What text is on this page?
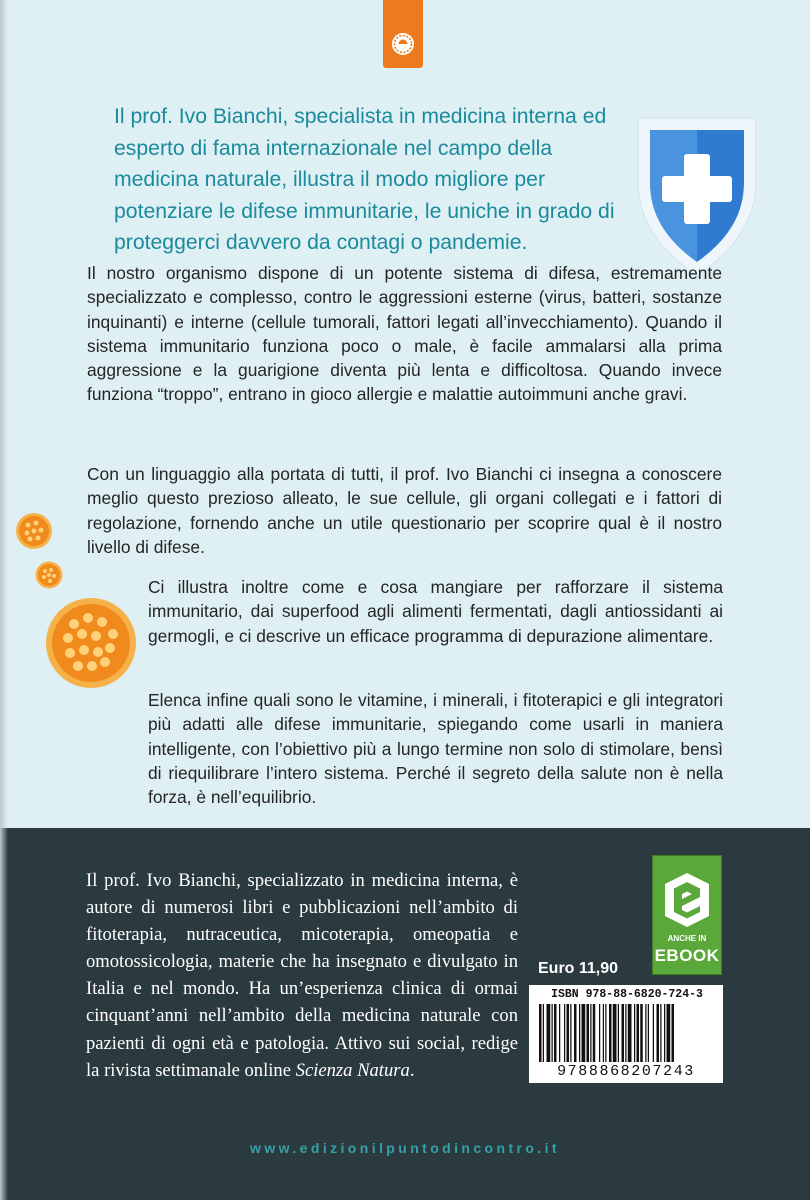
Il prof. Ivo Bianchi, specialista in medicina interna ed esperto di fama internazionale nel campo della medicina naturale, illustra il modo migliore per potenziare le difese immunitarie, le uniche in grado di proteggerci davvero da contagi o pandemie.

Il nostro organismo dispone di un potente sistema di difesa, estremamente specializzato e complesso, contro le aggressioni esterne (virus, batteri, sostanze inquinanti) e interne (cellule tumorali, fattori legati all’invecchiamento). Quando il sistema immunitario funziona poco o male, è facile ammalarsi alla prima aggressione e la guarigione diventa più lenta e difficoltosa. Quando invece funziona “troppo”, entrano in gioco allergie e malattie autoimmuni anche gravi.

Con un linguaggio alla portata di tutti, il prof. Ivo Bianchi ci insegna a conoscere meglio questo prezioso alleato, le sue cellule, gli organi collegati e i fattori di regolazione, fornendo anche un utile questionario per scoprire qual è il nostro livello di difese.

Ci illustra inoltre come e cosa mangiare per rafforzare il sistema immunitario, dai superfood agli alimenti fermentati, dagli antiossidanti ai germogli, e ci descrive un efficace programma di depurazione alimentare.

Elenca infine quali sono le vitamine, i minerali, i fitoterapici e gli integratori più adatti alle difese immunitarie, spiegando come usarli in maniera intelligente, con l’obiettivo più a lungo termine non solo di stimolare, bensì di riequilibrare l’intero sistema. Perché il segreto della salute non è nella forza, è nell’equilibrio.

Il prof. Ivo Bianchi, specializzato in medicina interna, è autore di numerosi libri e pubblicazioni nell’ambito di fitoterapia, nutraceutica, micoterapia, omeopatia e omotossicologia, materie che ha insegnato e divulgato in Italia e nel mondo. Ha un’esperienza clinica di ormai cinquant’anni nell’ambito della medicina naturale con pazienti di ogni età e patologia. Attivo sui social, redige la rivista settimanale online Scienza Natura.

ANCHE IN
EBOOK
Euro 11,90
ISBN 978-88-6820-724-3
9788868207243
www.edizionilpuntodincontro.it
